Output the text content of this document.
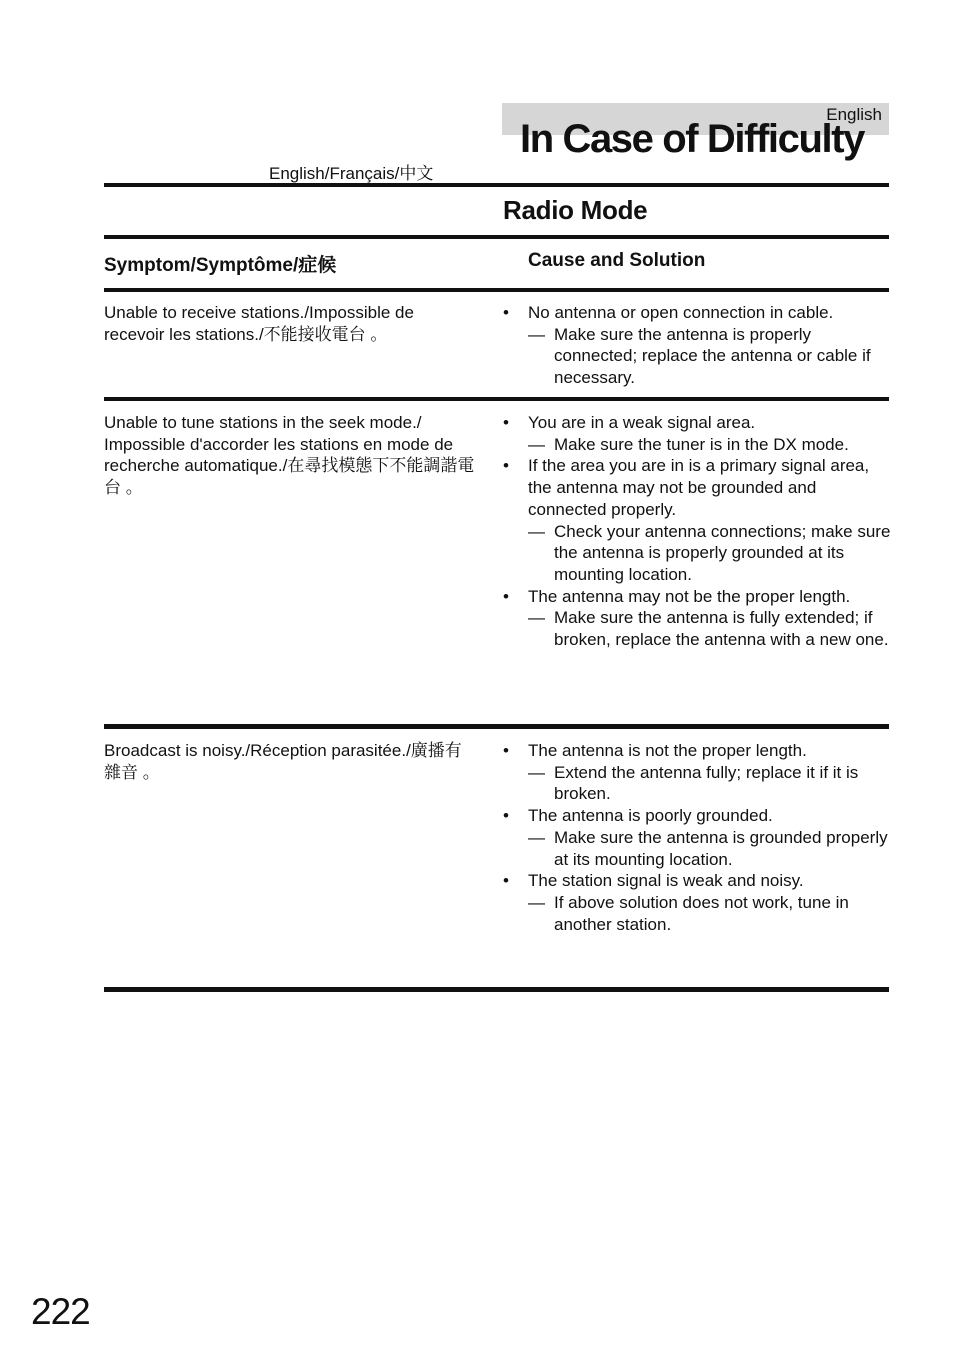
English
In Case of Difficulty
English/Français/中文
Radio Mode
Symptom/Symptôme/症候	Cause and Solution
Unable to receive stations./Impossible de recevoir les stations./不能接收電台 。
• No antenna or open connection in cable.
— Make sure the antenna is properly connected; replace the antenna or cable if necessary.
Unable to tune stations in the seek mode./ Impossible d'accorder les stations en mode de recherche automatique./在尋找模態下不能調諧電台 。
• You are in a weak signal area.
— Make sure the tuner is in the DX mode.
• If the area you are in is a primary signal area, the antenna may not be grounded and connected properly.
— Check your antenna connections; make sure the antenna is properly grounded at its mounting location.
• The antenna may not be the proper length.
— Make sure the antenna is fully extended; if broken, replace the antenna with a new one.
Broadcast is noisy./Réception parasitée./廣播有雜音 。
• The antenna is not the proper length.
— Extend the antenna fully; replace it if it is broken.
• The antenna is poorly grounded.
— Make sure the antenna is grounded properly at its mounting location.
• The station signal is weak and noisy.
— If above solution does not work, tune in another station.
222
